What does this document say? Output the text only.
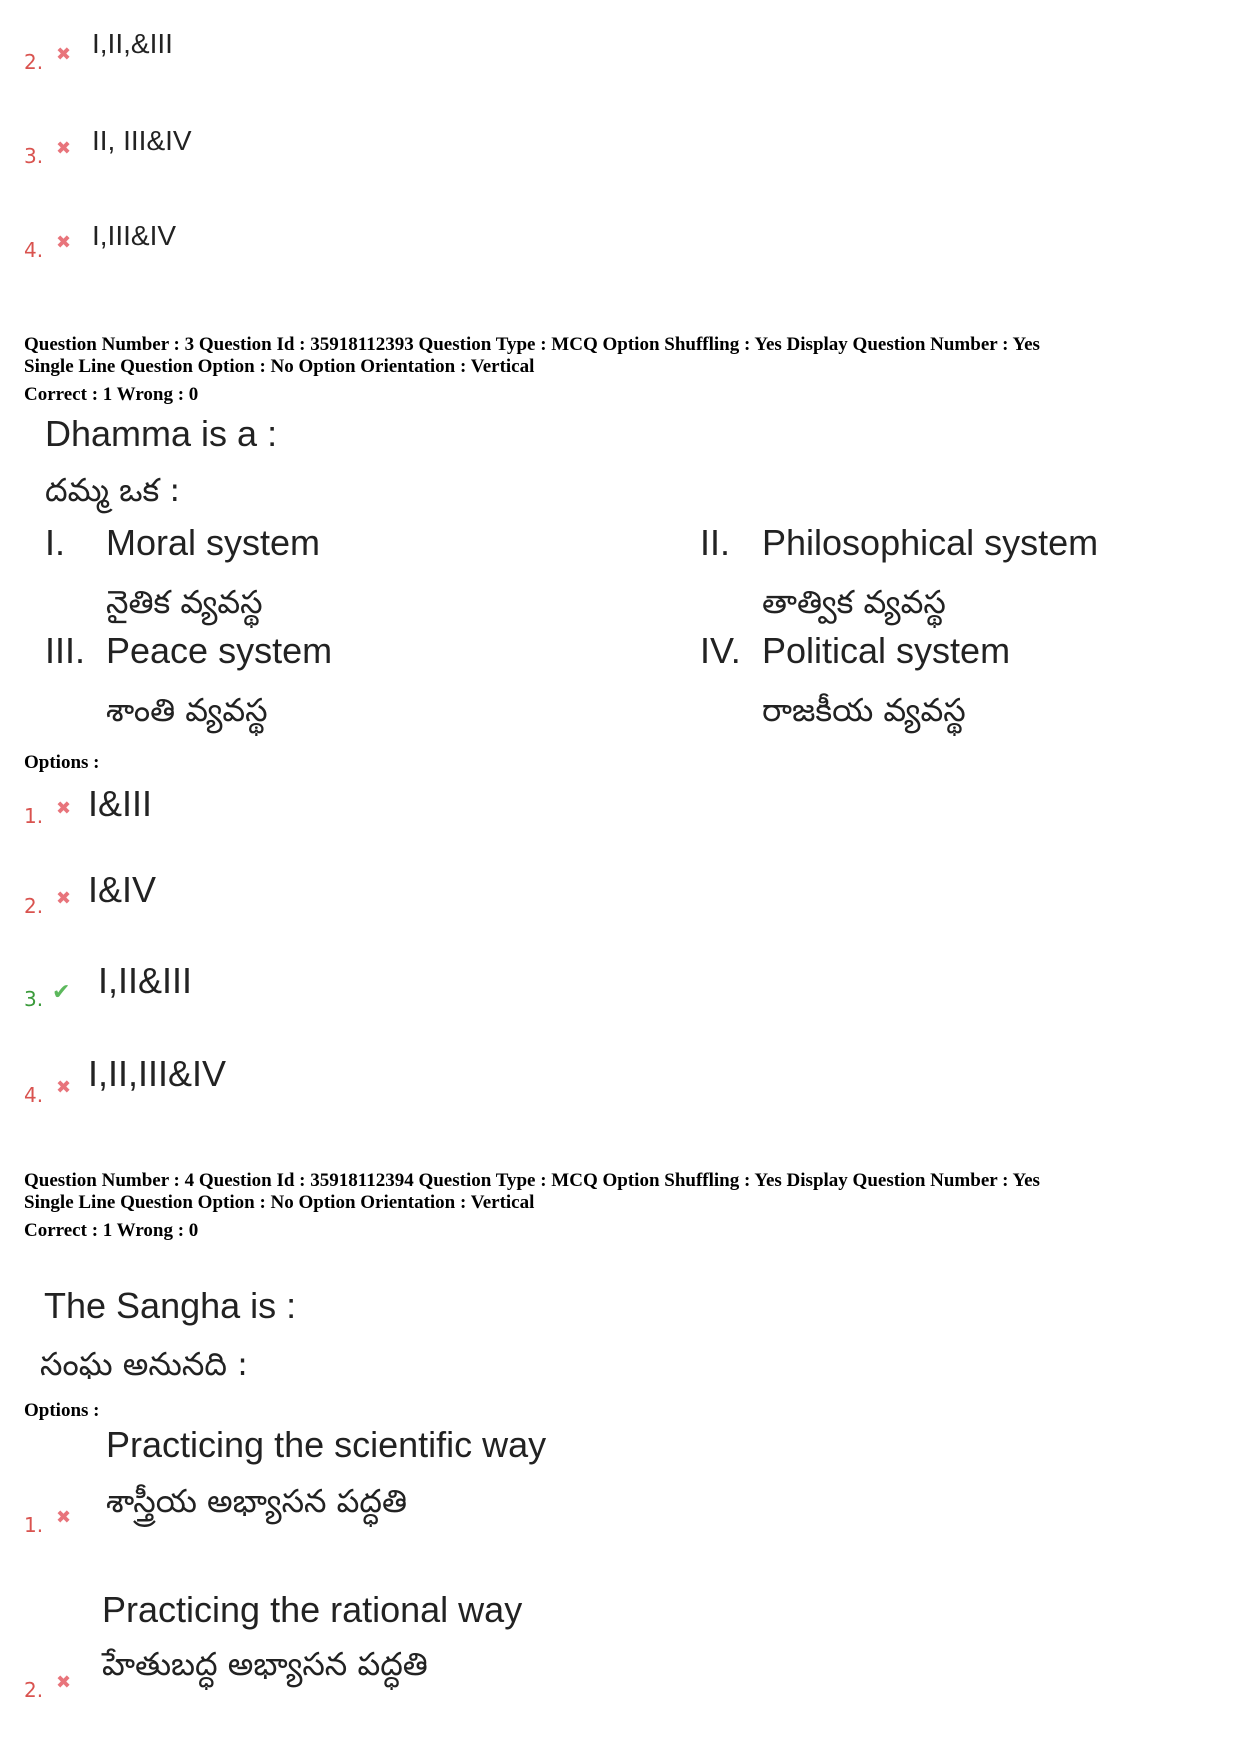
2. ✖ I,II,&III
3. ✖ II, III&IV
4. ✖ I,III&IV
Question Number : 3 Question Id : 35918112393 Question Type : MCQ Option Shuffling : Yes Display Question Number : Yes
Single Line Question Option : No Option Orientation : Vertical
Correct : 1 Wrong : 0
Dhamma is a :
దమ్మ ఒక :
I. Moral system
నైతిక వ్యవస్థ
II. Philosophical system
తాత్విక వ్యవస్థ
III. Peace system
శాంతి వ్యవస్థ
IV. Political system
రాజకీయ వ్యవస్థ
Options :
1. ✖ I&III
2. ✖ I&IV
3. ✔ I,II&III
4. ✖ I,II,III&IV
Question Number : 4 Question Id : 35918112394 Question Type : MCQ Option Shuffling : Yes Display Question Number : Yes
Single Line Question Option : No Option Orientation : Vertical
Correct : 1 Wrong : 0
The Sangha is :
సంఘ అనునది :
Options :
Practicing the scientific way
శాస్త్రీయ అభ్యాసన పద్ధతి
1. ✖
Practicing the rational way
హేతుబద్ధ అభ్యాసన పద్ధతి
2. ✖
